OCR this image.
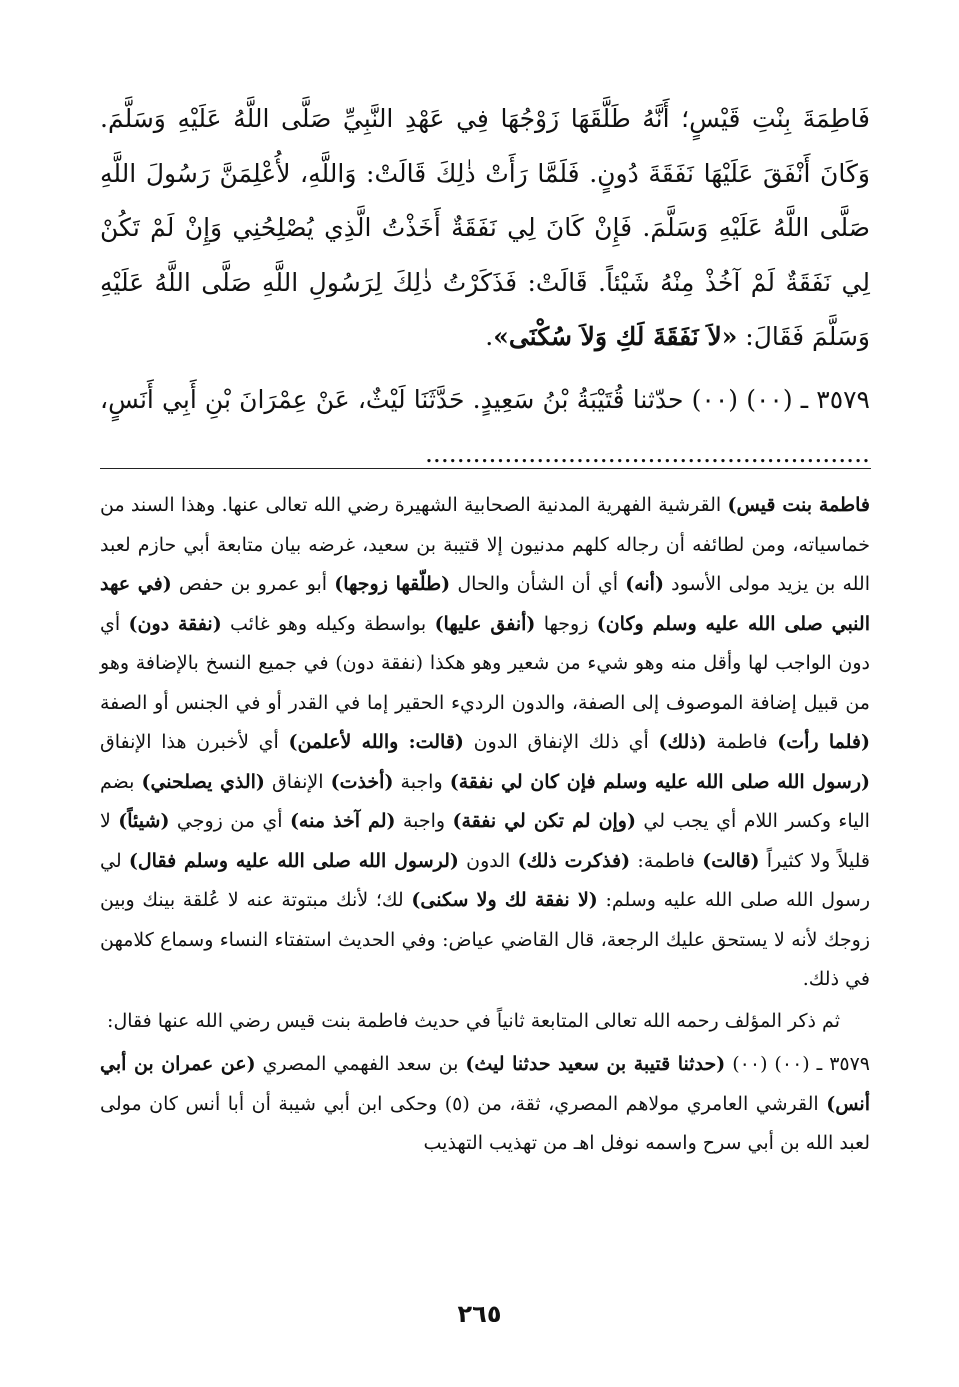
فَاطِمَةَ بِنْتِ قَيْسٍ؛ أَنَّهُ طَلَّقَهَا زَوْجُهَا فِي عَهْدِ النَّبِيِّ صَلَّى اللَّهُ عَلَيْهِ وَسَلَّمَ. وَكَانَ أَنْفَقَ عَلَيْهَا نَفَقَةَ دُونٍ. فَلَمَّا رَأَتْ ذٰلِكَ قَالَتْ: وَاللَّهِ، لأُعْلِمَنَّ رَسُولَ اللَّهِ صَلَّى اللَّهُ عَلَيْهِ وَسَلَّمَ. فَإِنْ كَانَ لِي نَفَقَةٌ أَخَذْتُ الَّذِي يُصْلِحُنِي وَإِنْ لَمْ تَكُنْ لِي نَفَقَةٌ لَمْ آخُذْ مِنْهُ شَيْئاً. قَالَتْ: فَذَكَرْتُ ذٰلِكَ لِرَسُولِ اللَّهِ صَلَّى اللَّهُ عَلَيْهِ وَسَلَّمَ فَقَالَ: «لاَ نَفَقَةَ لَكِ وَلاَ سُكْنَى».

٣٥٧٩ ـ (٠٠) (٠٠) حدّثنا قُتَيْبَةُ بْنُ سَعِيدٍ. حَدَّثَنَا لَيْثٌ، عَنْ عِمْرَانَ بْنِ أَبِي أَنَسٍ، ........................................................

فاطمة بنت قيس) القرشية الفهرية المدنية الصحابية الشهيرة رضي الله تعالى عنها. وهذا السند من خماسياته، ومن لطائفه أن رجاله كلهم مدنيون إلا قتيبة بن سعيد، غرضه بيان متابعة أبي حازم لعبد الله بن يزيد مولى الأسود (أنه) أي أن الشأن والحال (طلّقها زوجها) أبو عمرو بن حفص (في عهد النبي صلى الله عليه وسلم وكان) زوجها (أنفق عليها) بواسطة وكيله وهو غائب (نفقة دون) أي دون الواجب لها وأقل منه وهو شيء من شعير وهو هكذا (نفقة دون) في جميع النسخ بالإضافة وهو من قبيل إضافة الموصوف إلى الصفة، والدون الرديء الحقير إما في القدر أو في الجنس أو الصفة (فلما رأت) فاطمة (ذلك) أي ذلك الإنفاق الدون (قالت: والله لأعلمن) أي لأخبرن هذا الإنفاق (رسول الله صلى الله عليه وسلم فإن كان لي نفقة) واجبة (أخذت) الإنفاق (الذي يصلحني) بضم الياء وكسر اللام أي يجب لي (وإن لم تكن لي نفقة) واجبة (لم آخذ منه) أي من زوجي (شيئاً) لا قليلاً ولا كثيراً (قالت) فاطمة: (فذكرت ذلك) الدون (لرسول الله صلى الله عليه وسلم فقال) لي رسول الله صلى الله عليه وسلم: (لا نفقة لك ولا سكنى) لك؛ لأنك مبتوتة عنه لا عُلقة بينك وبين زوجك لأنه لا يستحق عليك الرجعة، قال القاضي عياض: وفي الحديث استفتاء النساء وسماع كلامهن في ذلك.

ثم ذكر المؤلف رحمه الله تعالى المتابعة ثانياً في حديث فاطمة بنت قيس رضي الله عنها فقال:

٣٥٧٩ ـ (٠٠) (٠٠) (حدثنا قتيبة بن سعيد حدثنا ليث) بن سعد الفهمي المصري (عن عمران بن أبي أنس) القرشي العامري مولاهم المصري، ثقة، من (٥) وحكى ابن أبي شيبة أن أبا أنس كان مولى لعبد الله بن أبي سرح واسمه نوفل اهـ من تهذيب التهذيب

٢٦٥
